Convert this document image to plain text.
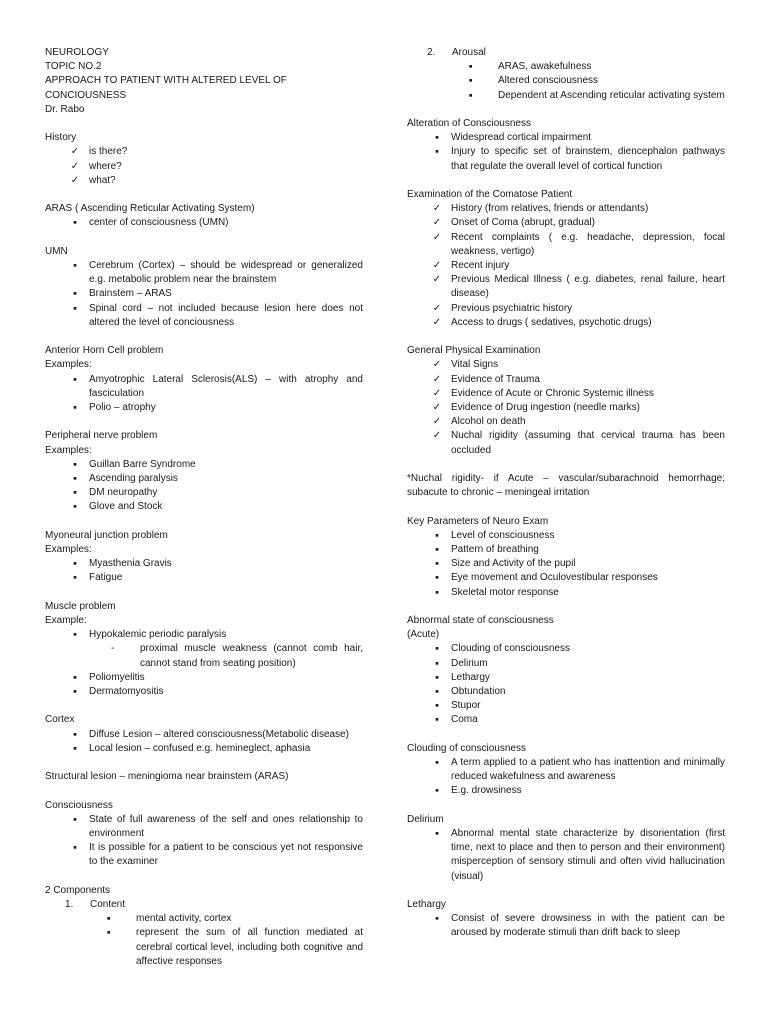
NEUROLOGY
TOPIC NO.2
APPROACH TO PATIENT WITH ALTERED LEVEL OF CONCIOUSNESS
Dr. Rabo
History
✓ is there?
✓ where?
✓ what?
ARAS ( Ascending Reticular Activating System)
■	center of consciousness (UMN)
UMN
■	Cerebrum (Cortex) – should be widespread or generalized e.g. metabolic problem near the brainstem
■	Brainstem – ARAS
■	Spinal cord – not included because lesion here does not altered the level of conciousness
Anterior Horn Cell problem
Examples:
■	Amyotrophic Lateral Sclerosis(ALS) – with atrophy and fasciculation
■	Polio – atrophy
Peripheral nerve problem
Examples:
■	Guillan Barre Syndrome
■	Ascending paralysis
■	DM neuropathy
■	Glove and Stock
Myoneural junction problem
Examples:
■	Myasthenia Gravis
■	Fatigue
Muscle problem
Example:
■	Hypokalemic periodic paralysis
-	proximal muscle weakness (cannot comb hair, cannot stand from seating position)
■	Poliomyelitis
■	Dermatomyositis
Cortex
■	Diffuse Lesion – altered consciousness(Metabolic disease)
■	Local lesion – confused e.g. hemineglect, aphasia
Structural lesion – meningioma near brainstem (ARAS)
Consciousness
■	State of full awareness of the self and ones relationship to environment
■	It is possible for a patient to be conscious yet not responsive to the examiner
2 Components
1.	Content
■	mental activity, cortex
■	represent the sum of all function mediated at cerebral cortical level, including both cognitive and affective responses
2.	Arousal
■	ARAS, awakefulness
■	Altered consciousness
■	Dependent at Ascending reticular activating system
Alteration of Consciousness
■	Widespread cortical impairment
■	Injury to specific set of brainstem, diencephalon pathways that regulate the overall level of cortical function
Examination of the Comatose Patient
✓ History (from relatives, friends or attendants)
✓ Onset of Coma (abrupt, gradual)
✓ Recent complaints ( e.g. headache, depression, focal weakness, vertigo)
✓ Recent injury
✓ Previous Medical Illness ( e.g. diabetes, renal failure, heart disease)
✓ Previous psychiatric history
✓ Access to drugs ( sedatives, psychotic drugs)
General Physical Examination
✓ Vital Signs
✓ Evidence of Trauma
✓ Evidence of Acute or Chronic Systemic illness
✓ Evidence of Drug ingestion (needle marks)
✓ Alcohol on death
✓ Nuchal rigidity (assuming that cervical trauma has been occluded
*Nuchal rigidity- if Acute – vascular/subarachnoid hemorrhage; subacute to chronic – meningeal irritation
Key Parameters of Neuro Exam
■	Level of consciousness
■	Pattern of breathing
■	Size and Activity of the pupil
■	Eye movement and Oculovestibular responses
■	Skeletal motor response
Abnormal state of consciousness
(Acute)
■	Clouding of consciousness
■	Delirium
■	Lethargy
■	Obtundation
■	Stupor
■	Coma
Clouding of consciousness
■	A term applied to a patient who has inattention and minimally reduced wakefulness and awareness
■	E.g. drowsiness
Delirium
■	Abnormal mental state characterize by disorientation (first time, next to place and then to person and their environment) misperception of sensory stimuli and often vivid hallucination (visual)
Lethargy
■	Consist of severe drowsiness in with the patient can be aroused by moderate stimuli than drift back to sleep
